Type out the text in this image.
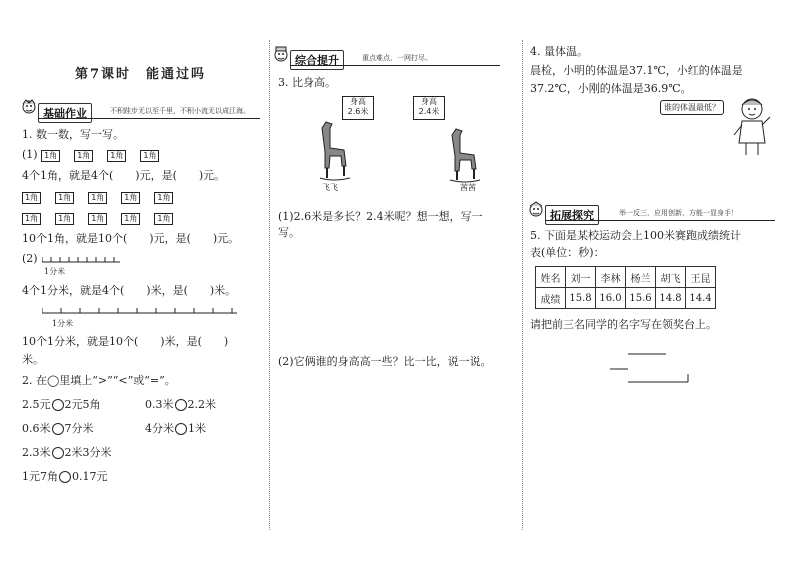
第7课时　能通过吗
基础作业	不积跬步无以至千里，不积小流无以成江海。
1. 数一数，写一写。
(1) 1角	1角	1角	1角
4个1角，就是4个(　　)元，是(　　)元。
1角	1角	1角	1角	1角
1角	1角	1角	1角	1角
10个1角，就是10个(　　)元，是(　　)元。
(2)
1分米
4个1分米，就是4个(　　)米，是(　　)米。
1分米
10个1分米，就是10个(　　)米，是(　　)
米。
2. 在◯里填上“>”“<”或“=”。
2.5元 2元5角	0.3米 2.2米
0.6米 7分米	4分米 1米
2.3米 2米3分米
1元7角 0.17元
综合提升	重点难点，一网打尽。
3. 比身高。
身高 2.6米
身高 2.4米
飞飞	茜茜
(1)2.6米是多长？2.4米呢？想一想，写一
写。
(2)它俩谁的身高高一些？比一比，说一说。
4. 量体温。
晨检，小明的体温是37.1℃，小红的体温是
37.2℃，小刚的体温是36.9℃。
谁的体温最低？
拓展探究	举一反三，应用创新，方能一显身手！
5. 下面是某校运动会上100米赛跑成绩统计
表(单位：秒)：
姓名	刘一	李林	杨兰	胡飞	王昆
成绩	15.8	16.0	15.6	14.8	14.4
请把前三名同学的名字写在领奖台上。
